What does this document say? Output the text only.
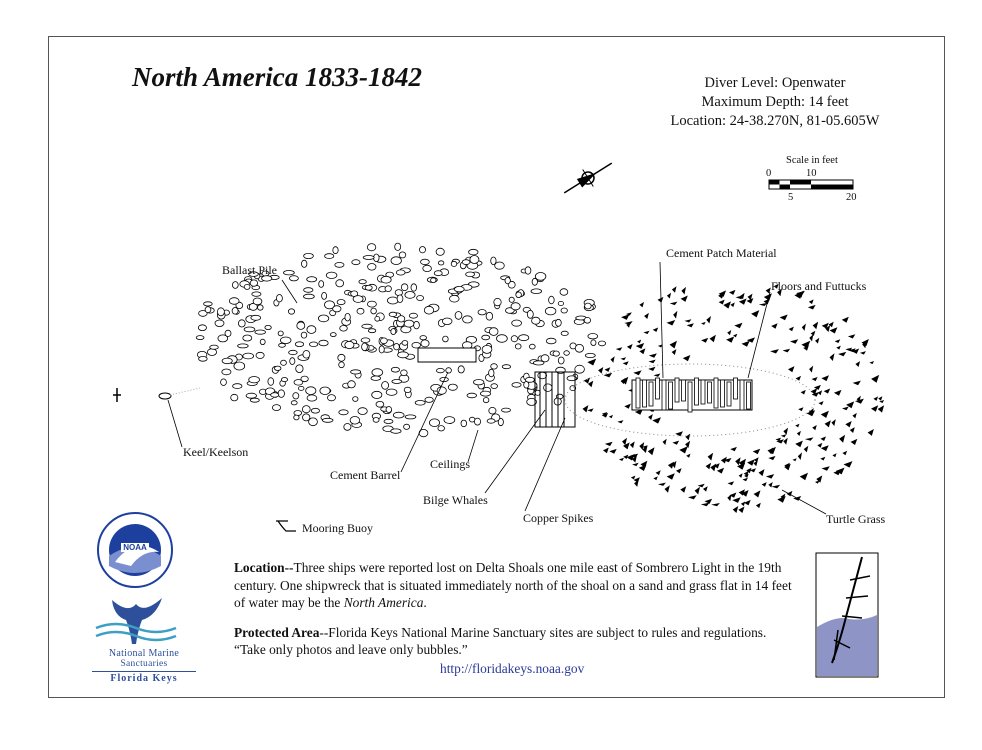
North America 1833-1842	Diver Level: Openwater
Maximum Depth: 14 feet
Location: 24-38.270N, 81-05.605W
Scale in feet
0	10
5	20
Ballast Pile
Cement Patch Material
Floors and Futtucks
Keel/Keelson
Cement Barrel
Ceilings
Bilge Whales
Copper Spikes	Turtle Grass
Mooring Buoy

Location--Three ships were reported lost on Delta Shoals one mile east of Sombrero Light in the 19th century. One shipwreck that is situated immediately north of the shoal on a sand and grass flat in 14 feet of water may be the North America.

Protected Area--Florida Keys National Marine Sanctuary sites are subject to rules and regulations. “Take only photos and leave only bubbles.”

http://floridakeys.noaa.gov
NOAA
National Marine
Sanctuaries
Florida Keys
